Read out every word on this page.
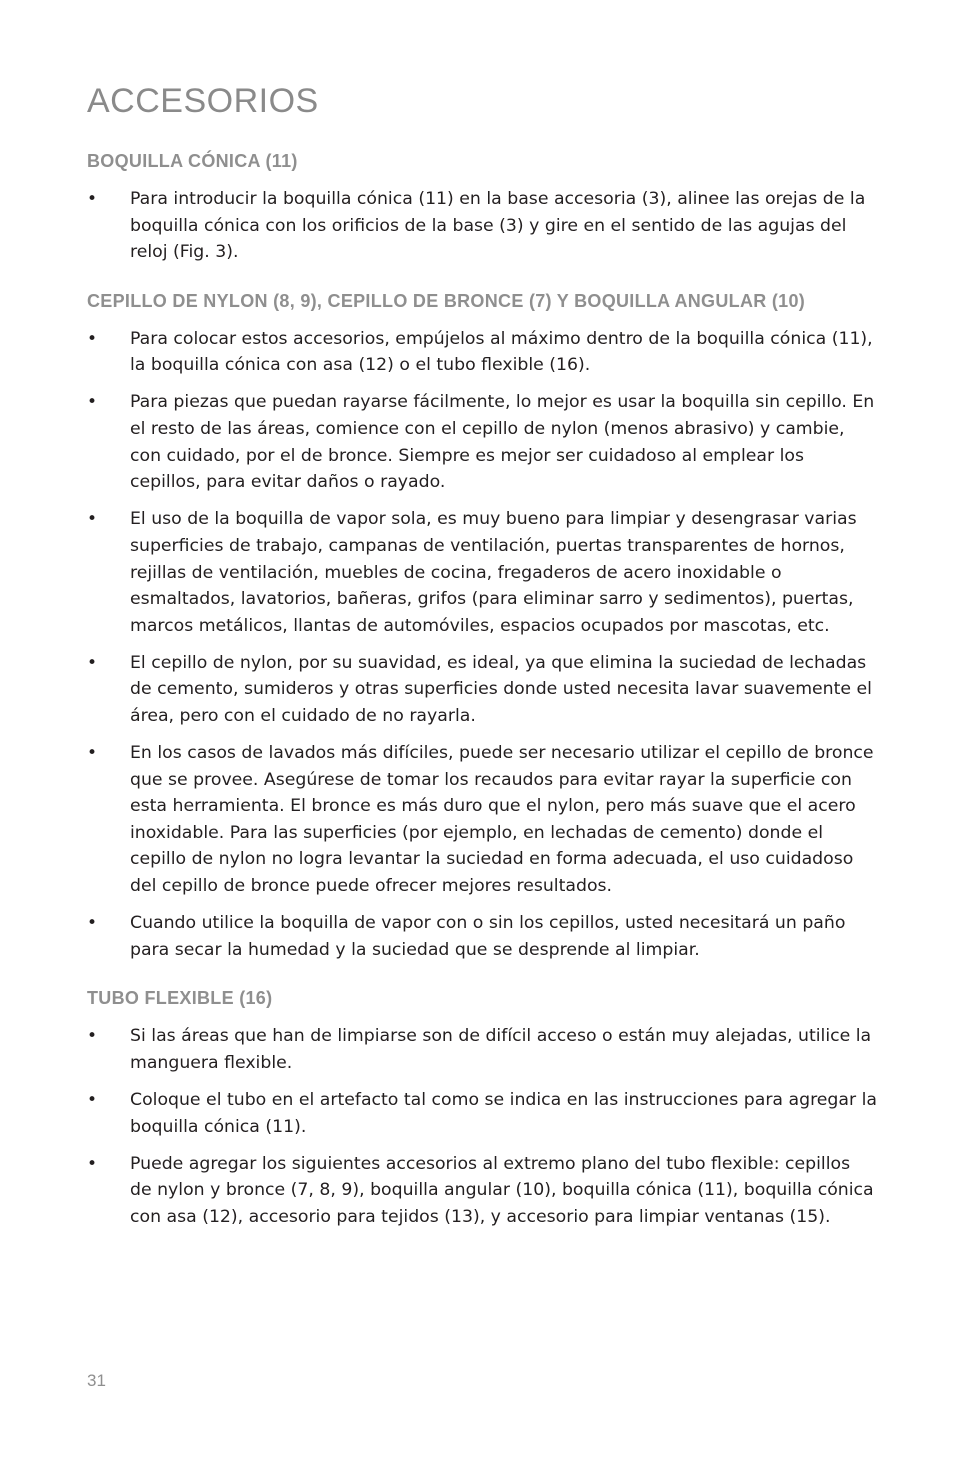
ACCESORIOS
BOQUILLA CÓNICA (11)
• Para introducir la boquilla cónica (11) en la base accesoria (3), alinee las orejas de la boquilla cónica con los orificios de la base (3) y gire en el sentido de las agujas del reloj (Fig. 3).
CEPILLO DE NYLON (8, 9), CEPILLO DE BRONCE (7) Y BOQUILLA ANGULAR (10)
• Para colocar estos accesorios, empújelos al máximo dentro de la boquilla cónica (11), la boquilla cónica con asa (12) o el tubo flexible (16).
• Para piezas que puedan rayarse fácilmente, lo mejor es usar la boquilla sin cepillo. En el resto de las áreas, comience con el cepillo de nylon (menos abrasivo) y cambie, con cuidado, por el de bronce. Siempre es mejor ser cuidadoso al emplear los cepillos, para evitar daños o rayado.
• El uso de la boquilla de vapor sola, es muy bueno para limpiar y desengrasar varias superficies de trabajo, campanas de ventilación, puertas transparentes de hornos, rejillas de ventilación, muebles de cocina, fregaderos de acero inoxidable o esmaltados, lavatorios, bañeras, grifos (para eliminar sarro y sedimentos), puertas, marcos metálicos, llantas de automóviles, espacios ocupados por mascotas, etc.
• El cepillo de nylon, por su suavidad, es ideal, ya que elimina la suciedad de lechadas de cemento, sumideros y otras superficies donde usted necesita lavar suavemente el área, pero con el cuidado de no rayarla.
• En los casos de lavados más difíciles, puede ser necesario utilizar el cepillo de bronce que se provee. Asegúrese de tomar los recaudos para evitar rayar la superficie con esta herramienta. El bronce es más duro que el nylon, pero más suave que el acero inoxidable. Para las superficies (por ejemplo, en lechadas de cemento) donde el cepillo de nylon no logra levantar la suciedad en forma adecuada, el uso cuidadoso del cepillo de bronce puede ofrecer mejores resultados.
• Cuando utilice la boquilla de vapor con o sin los cepillos, usted necesitará un paño para secar la humedad y la suciedad que se desprende al limpiar.
TUBO FLEXIBLE (16)
• Si las áreas que han de limpiarse son de difícil acceso o están muy alejadas, utilice la manguera flexible.
• Coloque el tubo en el artefacto tal como se indica en las instrucciones para agregar la boquilla cónica (11).
• Puede agregar los siguientes accesorios al extremo plano del tubo flexible: cepillos de nylon y bronce (7, 8, 9), boquilla angular (10), boquilla cónica (11), boquilla cónica con asa (12), accesorio para tejidos (13), y accesorio para limpiar ventanas (15).
31
